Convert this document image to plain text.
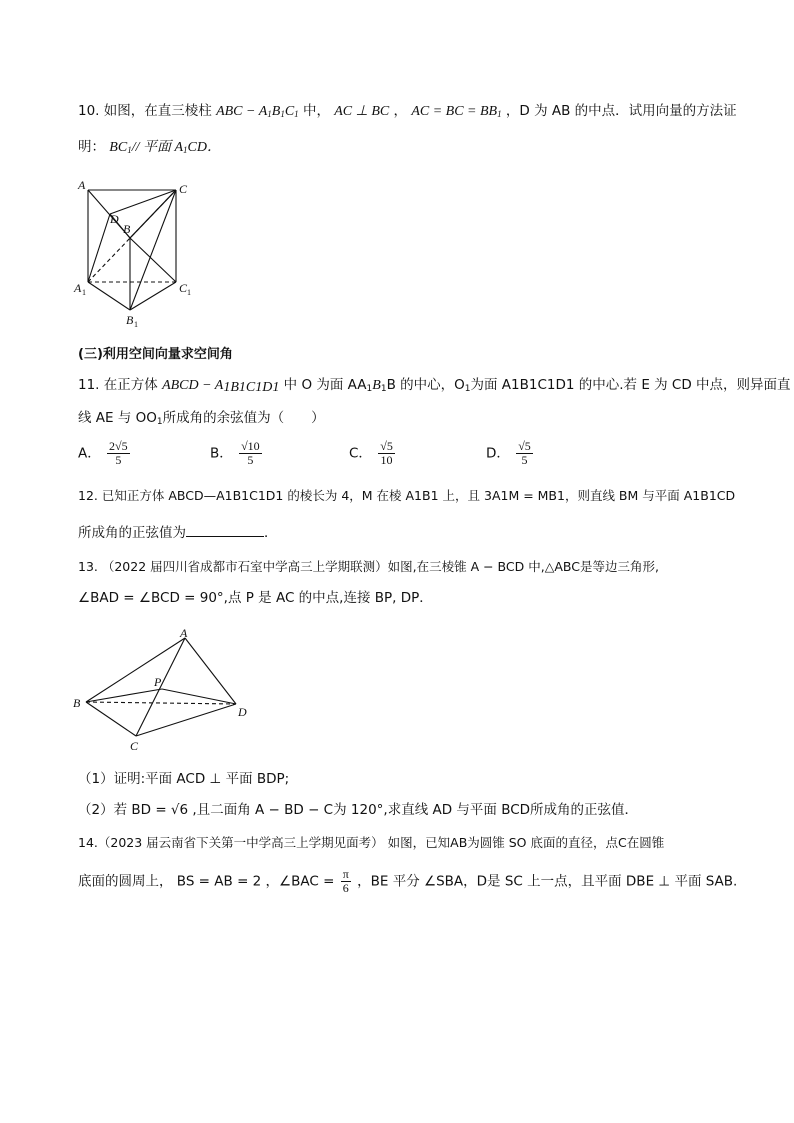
10. 如图，在直三棱柱 ABC − $A_1B_1C_1$ 中， AC ⊥ BC ， AC = BC = $BB_1$ ，D 为 AB 的中点．试用向量的方法证
明： $BC_1//$ 平面 $A_1CD$．
A	C
D
B
A 1	C 1
B 1
(三)利用空间向量求空间角
11. 在正方体 ABCD − $A_{1B1C1D1}$ 中 O 为面 $AA_1B_1B$ 的中心，$O_1$为面 A1B1C1D1 的中心.若 E 为 CD 中点，则异面直
线 AE 与 $OO_1$所成角的余弦值为（　　）
A． $\frac{2√5}{5}$	B． $\frac{√10}{5}$	C． $\frac{√5}{10}$	D． $\frac{√5}{5}$
12. 已知正方体 ABCD—A1B1C1D1 的棱长为 4，M 在棱 A1B1 上，且 3A1M = MB1，则直线 BM 与平面 A1B1CD
所成角的正弦值为	．
13. （2022 届四川省成都市石室中学高三上学期联测）如图,在三棱锥 A − BCD 中,△ABC是等边三角形,
∠BAD = ∠BCD = 90°,点 P 是 AC 的中点,连接 BP, DP．
A
B
C
D
P
（1）证明:平面 ACD ⊥ 平面 BDP;
（2）若 BD = √6 ,且二面角 A − BD − C为 120°,求直线 AD 与平面 BCD所成角的正弦值．
14.（2023 届云南省下关第一中学高三上学期见面考） 如图，已知AB为圆锥 SO 底面的直径，点C在圆锥
底面的圆周上， BS = AB = 2 ，∠BAC = $\frac{\pi}{6}$ ，BE 平分 ∠SBA，D是 SC 上一点，且平面 DBE ⊥ 平面 SAB.
